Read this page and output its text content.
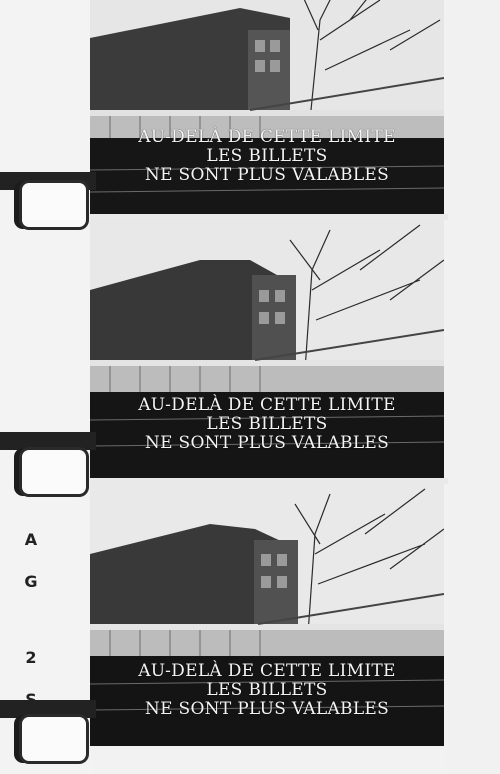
AU-DELÀ DE CETTE LIMITE
LES BILLETS
NE SONT PLUS VALABLES
AU-DELÀ DE CETTE LIMITE
LES BILLETS
NE SONT PLUS VALABLES
AU-DELÀ DE CETTE LIMITE
LES BILLETS
NE SONT PLUS VALABLES
A
G
2
S
